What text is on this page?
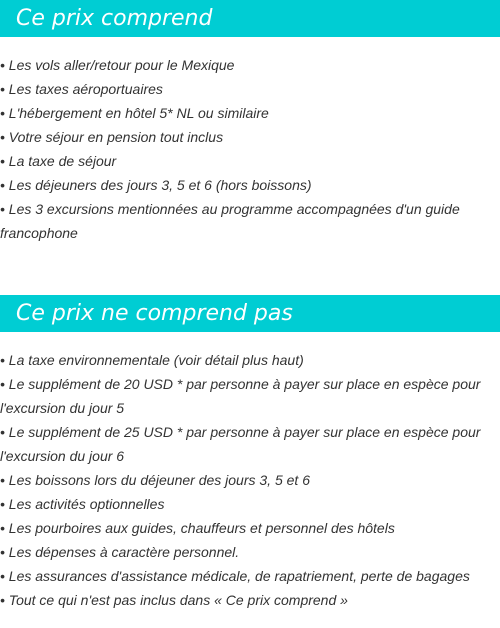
Ce prix comprend
• Les vols aller/retour pour le Mexique
• Les taxes aéroportuaires
• L'hébergement en hôtel 5* NL ou similaire
• Votre séjour en pension tout inclus
• La taxe de séjour
• Les déjeuners des jours 3, 5 et 6 (hors boissons)
• Les 3 excursions mentionnées au programme accompagnées d'un guide francophone
Ce prix ne comprend pas
• La taxe environnementale (voir détail plus haut)
• Le supplément de 20 USD * par personne à payer sur place en espèce pour l'excursion du jour 5
• Le supplément de 25 USD * par personne à payer sur place en espèce pour l'excursion du jour 6
• Les boissons lors du déjeuner des jours 3, 5 et 6
• Les activités optionnelles
• Les pourboires aux guides, chauffeurs et personnel des hôtels
• Les dépenses à caractère personnel.
• Les assurances d'assistance médicale, de rapatriement, perte de bagages
• Tout ce qui n'est pas inclus dans « Ce prix comprend »
